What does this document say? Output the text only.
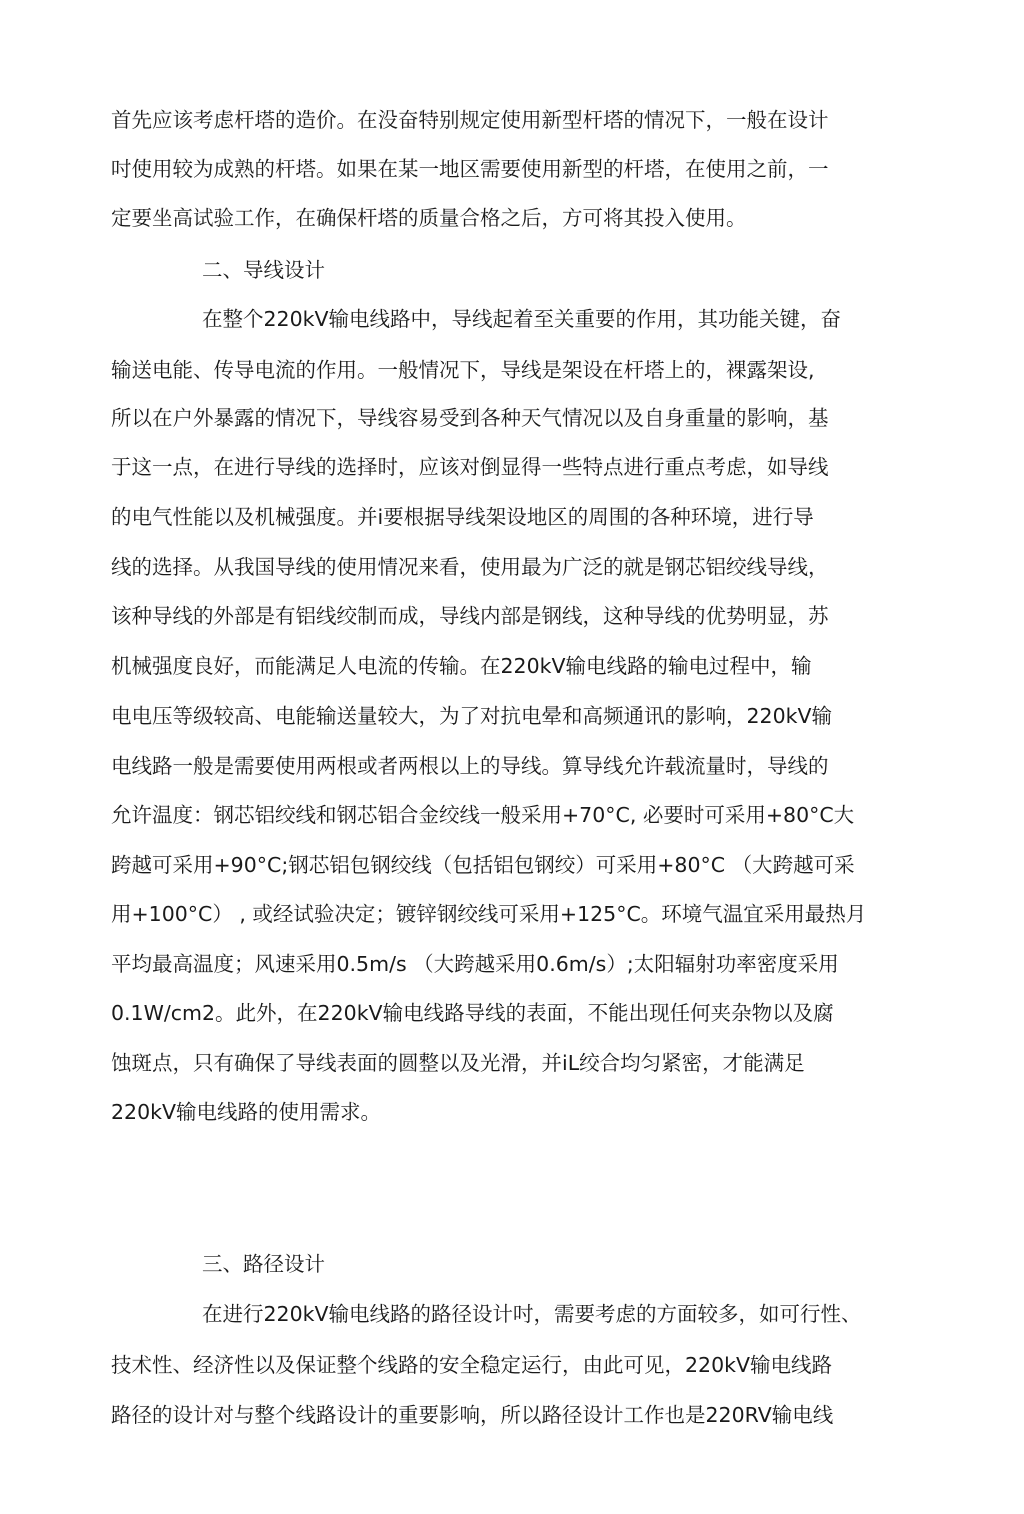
首先应该考虑杆塔的造价。在没奋特别规定使用新型杆塔的情况下，一般在设计
吋使用较为成熟的杆塔。如果在某一地区需要使用新型的杆塔，在使用之前，一
定要坐高试验工作，在确保杆塔的质量合格之后，方可将其投入使用。
二、导线设计
在整个220kV输电线路中，导线起着至关重要的作用，其功能关键，奋
输送电能、传导电流的作用。一般情况下，导线是架设在杆塔上的，裸露架设,
所以在户外暴露的情况下，导线容易受到各种天气情况以及自身重量的影响，基
于这一点，在进行导线的选择时，应该对倒显得一些特点进行重点考虑，如导线
的电气性能以及机械强度。并i要根据导线架设地区的周围的各种环境，进行导
线的选择。从我国导线的使用情况来看，使用最为广泛的就是钢芯铝绞线导线，
该种导线的外部是有铝线绞制而成，导线内部是钢线，这种导线的优势明显，苏
机械强度良好，而能满足人电流的传输。在220kV输电线路的输电过程中，输
电电压等级较高、电能输送量较大，为了对抗电晕和高频通讯的影响，220kV输
电线路一般是需要使用两根或者两根以上的导线。算导线允许载流量时，导线的
允许温度：钢芯铝绞线和钢芯铝合金绞线一般采用+70°C, 必要时可采用+80°C大
跨越可采用+90°C;钢芯铝包钢绞线（包括铝包钢绞）可采用+80°C （大跨越可采
用+100°C） , 或经试验决定；镀锌钢绞线可采用+125°C。环境气温宜采用最热月
平均最高温度；风速采用0.5m/s （大跨越采用0.6m/s）;太阳辐射功率密度采用
0.1W/cm2。此外，在220kV输电线路导线的表面，不能出现任何夹杂物以及腐
蚀斑点，只有确保了导线表面的圆整以及光滑，并iL绞合均匀紧密，才能满足
220kV输电线路的使用需求。
三、路径设计
在进行220kV输电线路的路径设计吋，需要考虑的方面较多，如可行性、
技术性、经济性以及保证整个线路的安全稳定运行，由此可见，220kV输电线路
路径的设计对与整个线路设计的重要影响，所以路径设计工作也是220RV输电线
